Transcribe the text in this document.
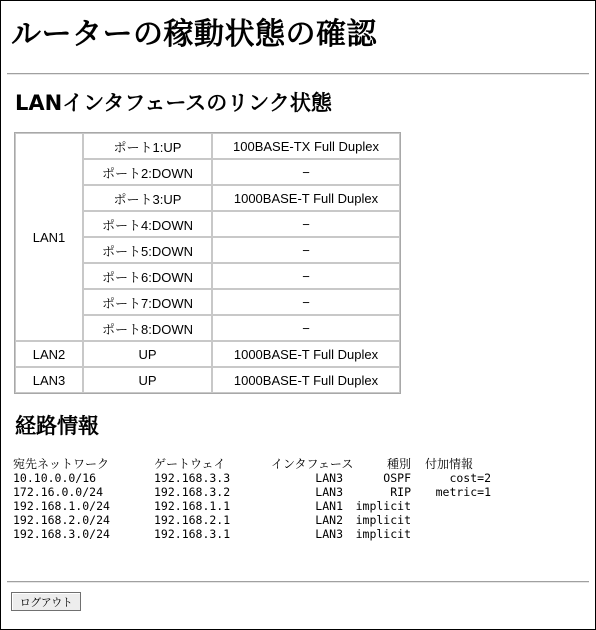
ルーターの稼動状態の確認
LANインタフェースのリンク状態
LAN1	ポート1:UP	100BASE-TX Full Duplex
	ポート2:DOWN	−
	ポート3:UP	1000BASE-T Full Duplex
	ポート4:DOWN	−
	ポート5:DOWN	−
	ポート6:DOWN	−
	ポート7:DOWN	−
	ポート8:DOWN	−
LAN2	UP	1000BASE-T Full Duplex
LAN3	UP	1000BASE-T Full Duplex
経路情報
宛先ネットワーク	ゲートウェイ	インタフェース	種別 付加情報
10.10.0.0/16	192.168.3.3	LAN3	OSPF	cost=2
172.16.0.0/24	192.168.3.2	LAN3	RIP	metric=1
192.168.1.0/24	192.168.1.1	LAN1	implicit
192.168.2.0/24	192.168.2.1	LAN2	implicit
192.168.3.0/24	192.168.3.1	LAN3	implicit
ログアウト
